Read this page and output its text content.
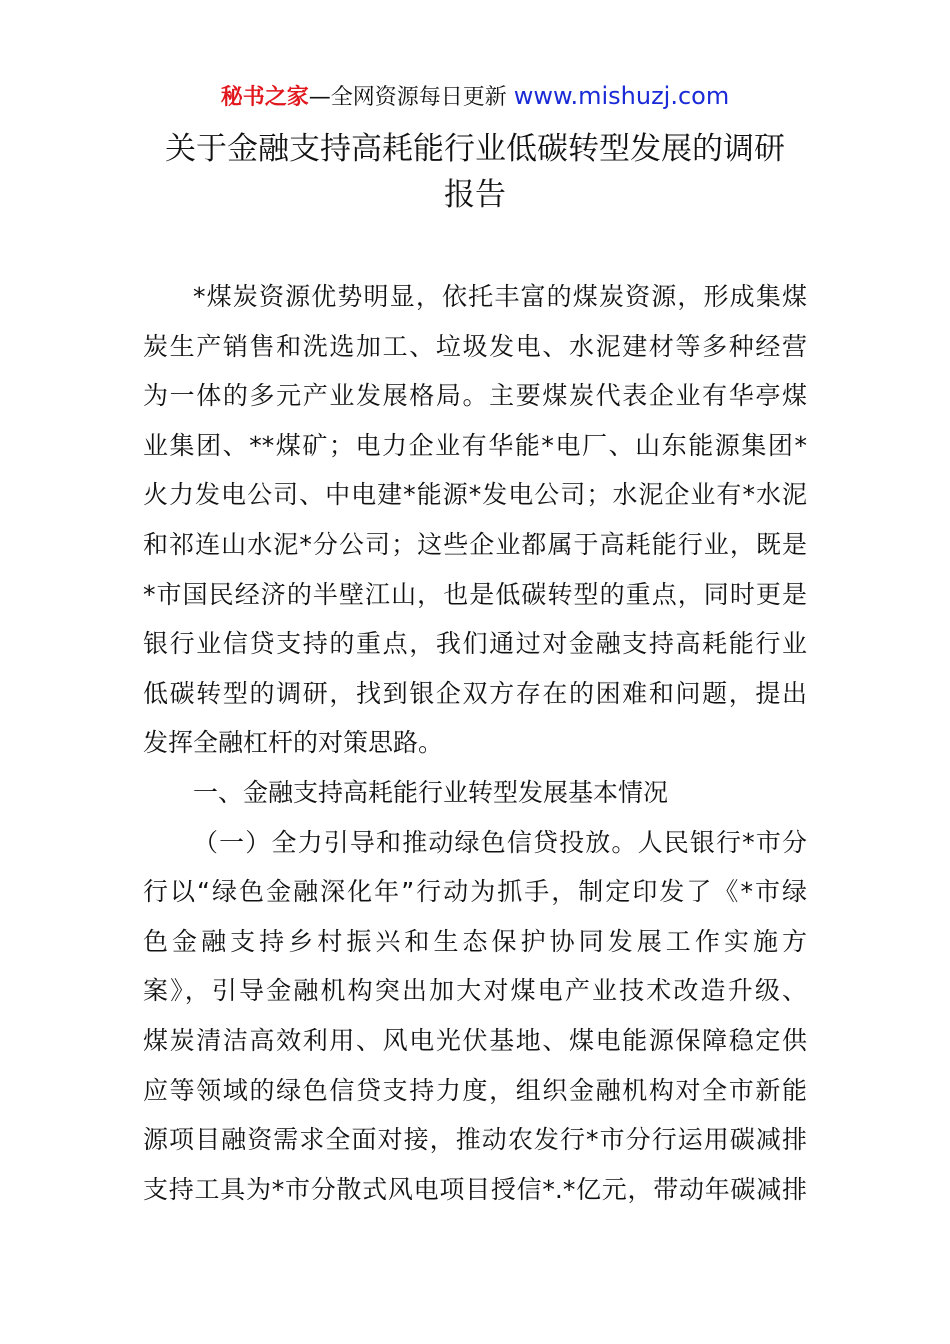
秘书之家—全网资源每日更新 www.mishuzj.com
关于金融支持高耗能行业低碳转型发展的调研
报告
*煤炭资源优势明显，依托丰富的煤炭资源，形成集煤
炭生产销售和洗选加工、垃圾发电、水泥建材等多种经营
为一体的多元产业发展格局。主要煤炭代表企业有华亭煤
业集团、**煤矿；电力企业有华能*电厂、山东能源集团*
火力发电公司、中电建*能源*发电公司；水泥企业有*水泥
和祁连山水泥*分公司；这些企业都属于高耗能行业，既是
*市国民经济的半壁江山，也是低碳转型的重点，同时更是
银行业信贷支持的重点，我们通过对金融支持高耗能行业
低碳转型的调研，找到银企双方存在的困难和问题，提出
发挥全融杠杆的对策思路。
一、金融支持高耗能行业转型发展基本情况
（一）全力引导和推动绿色信贷投放。人民银行*市分
行以“绿色金融深化年”行动为抓手，制定印发了《*市绿
色金融支持乡村振兴和生态保护协同发展工作实施方
案》，引导金融机构突出加大对煤电产业技术改造升级、
煤炭清洁高效利用、风电光伏基地、煤电能源保障稳定供
应等领域的绿色信贷支持力度，组织金融机构对全市新能
源项目融资需求全面对接，推动农发行*市分行运用碳减排
支持工具为*市分散式风电项目授信*.*亿元，带动年碳减排
